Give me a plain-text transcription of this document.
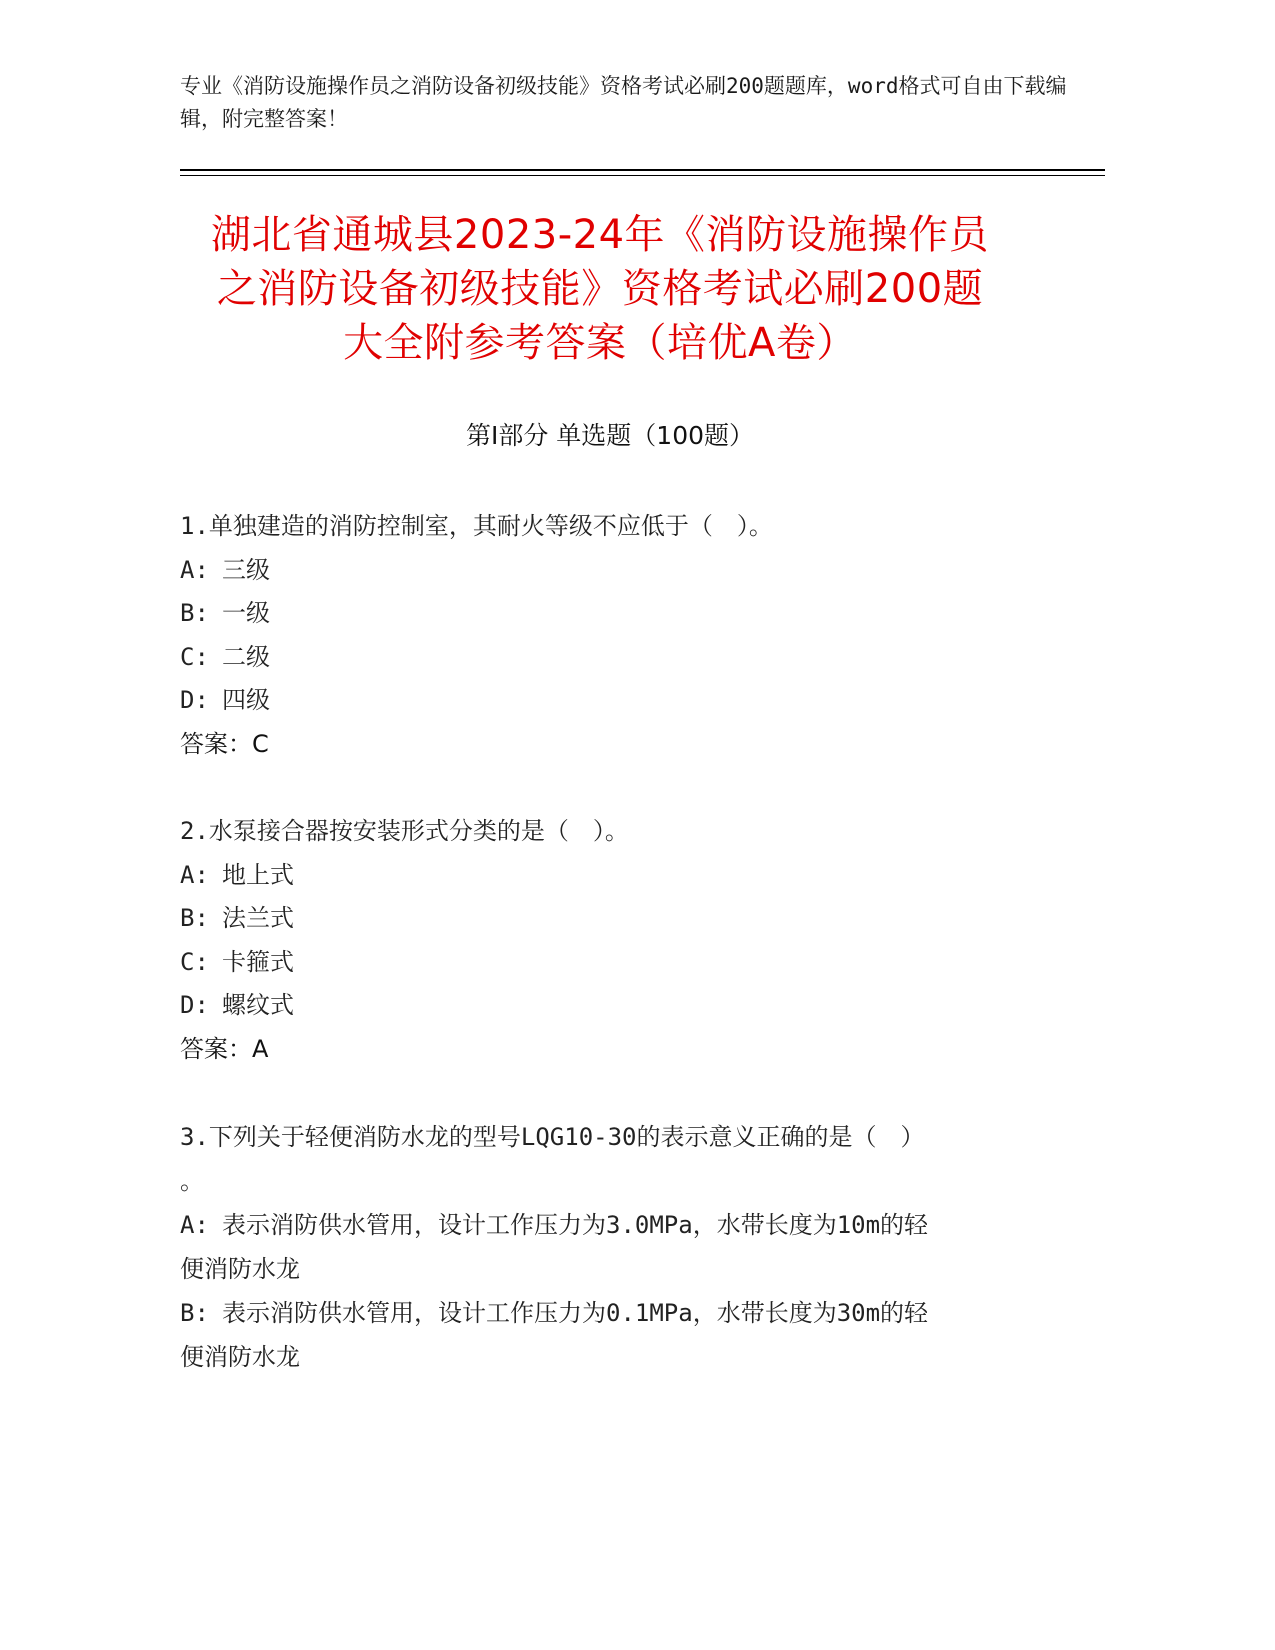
专业《消防设施操作员之消防设备初级技能》资格考试必刷200题题库，word格式可自由下载编辑，附完整答案！
湖北省通城县2023-24年《消防设施操作员
之消防设备初级技能》资格考试必刷200题
大全附参考答案（培优A卷）
第Ⅰ部分 单选题（100题）
1.单独建造的消防控制室，其耐火等级不应低于（　）。
A: 三级
B: 一级
C: 二级
D: 四级
答案：C
2.水泵接合器按安装形式分类的是（　）。
A: 地上式
B: 法兰式
C: 卡箍式
D: 螺纹式
答案：A
3.下列关于轻便消防水龙的型号LQG10-30的表示意义正确的是（　）
。
A: 表示消防供水管用，设计工作压力为3.0MPa，水带长度为10m的轻
便消防水龙
B: 表示消防供水管用，设计工作压力为0.1MPa，水带长度为30m的轻
便消防水龙
